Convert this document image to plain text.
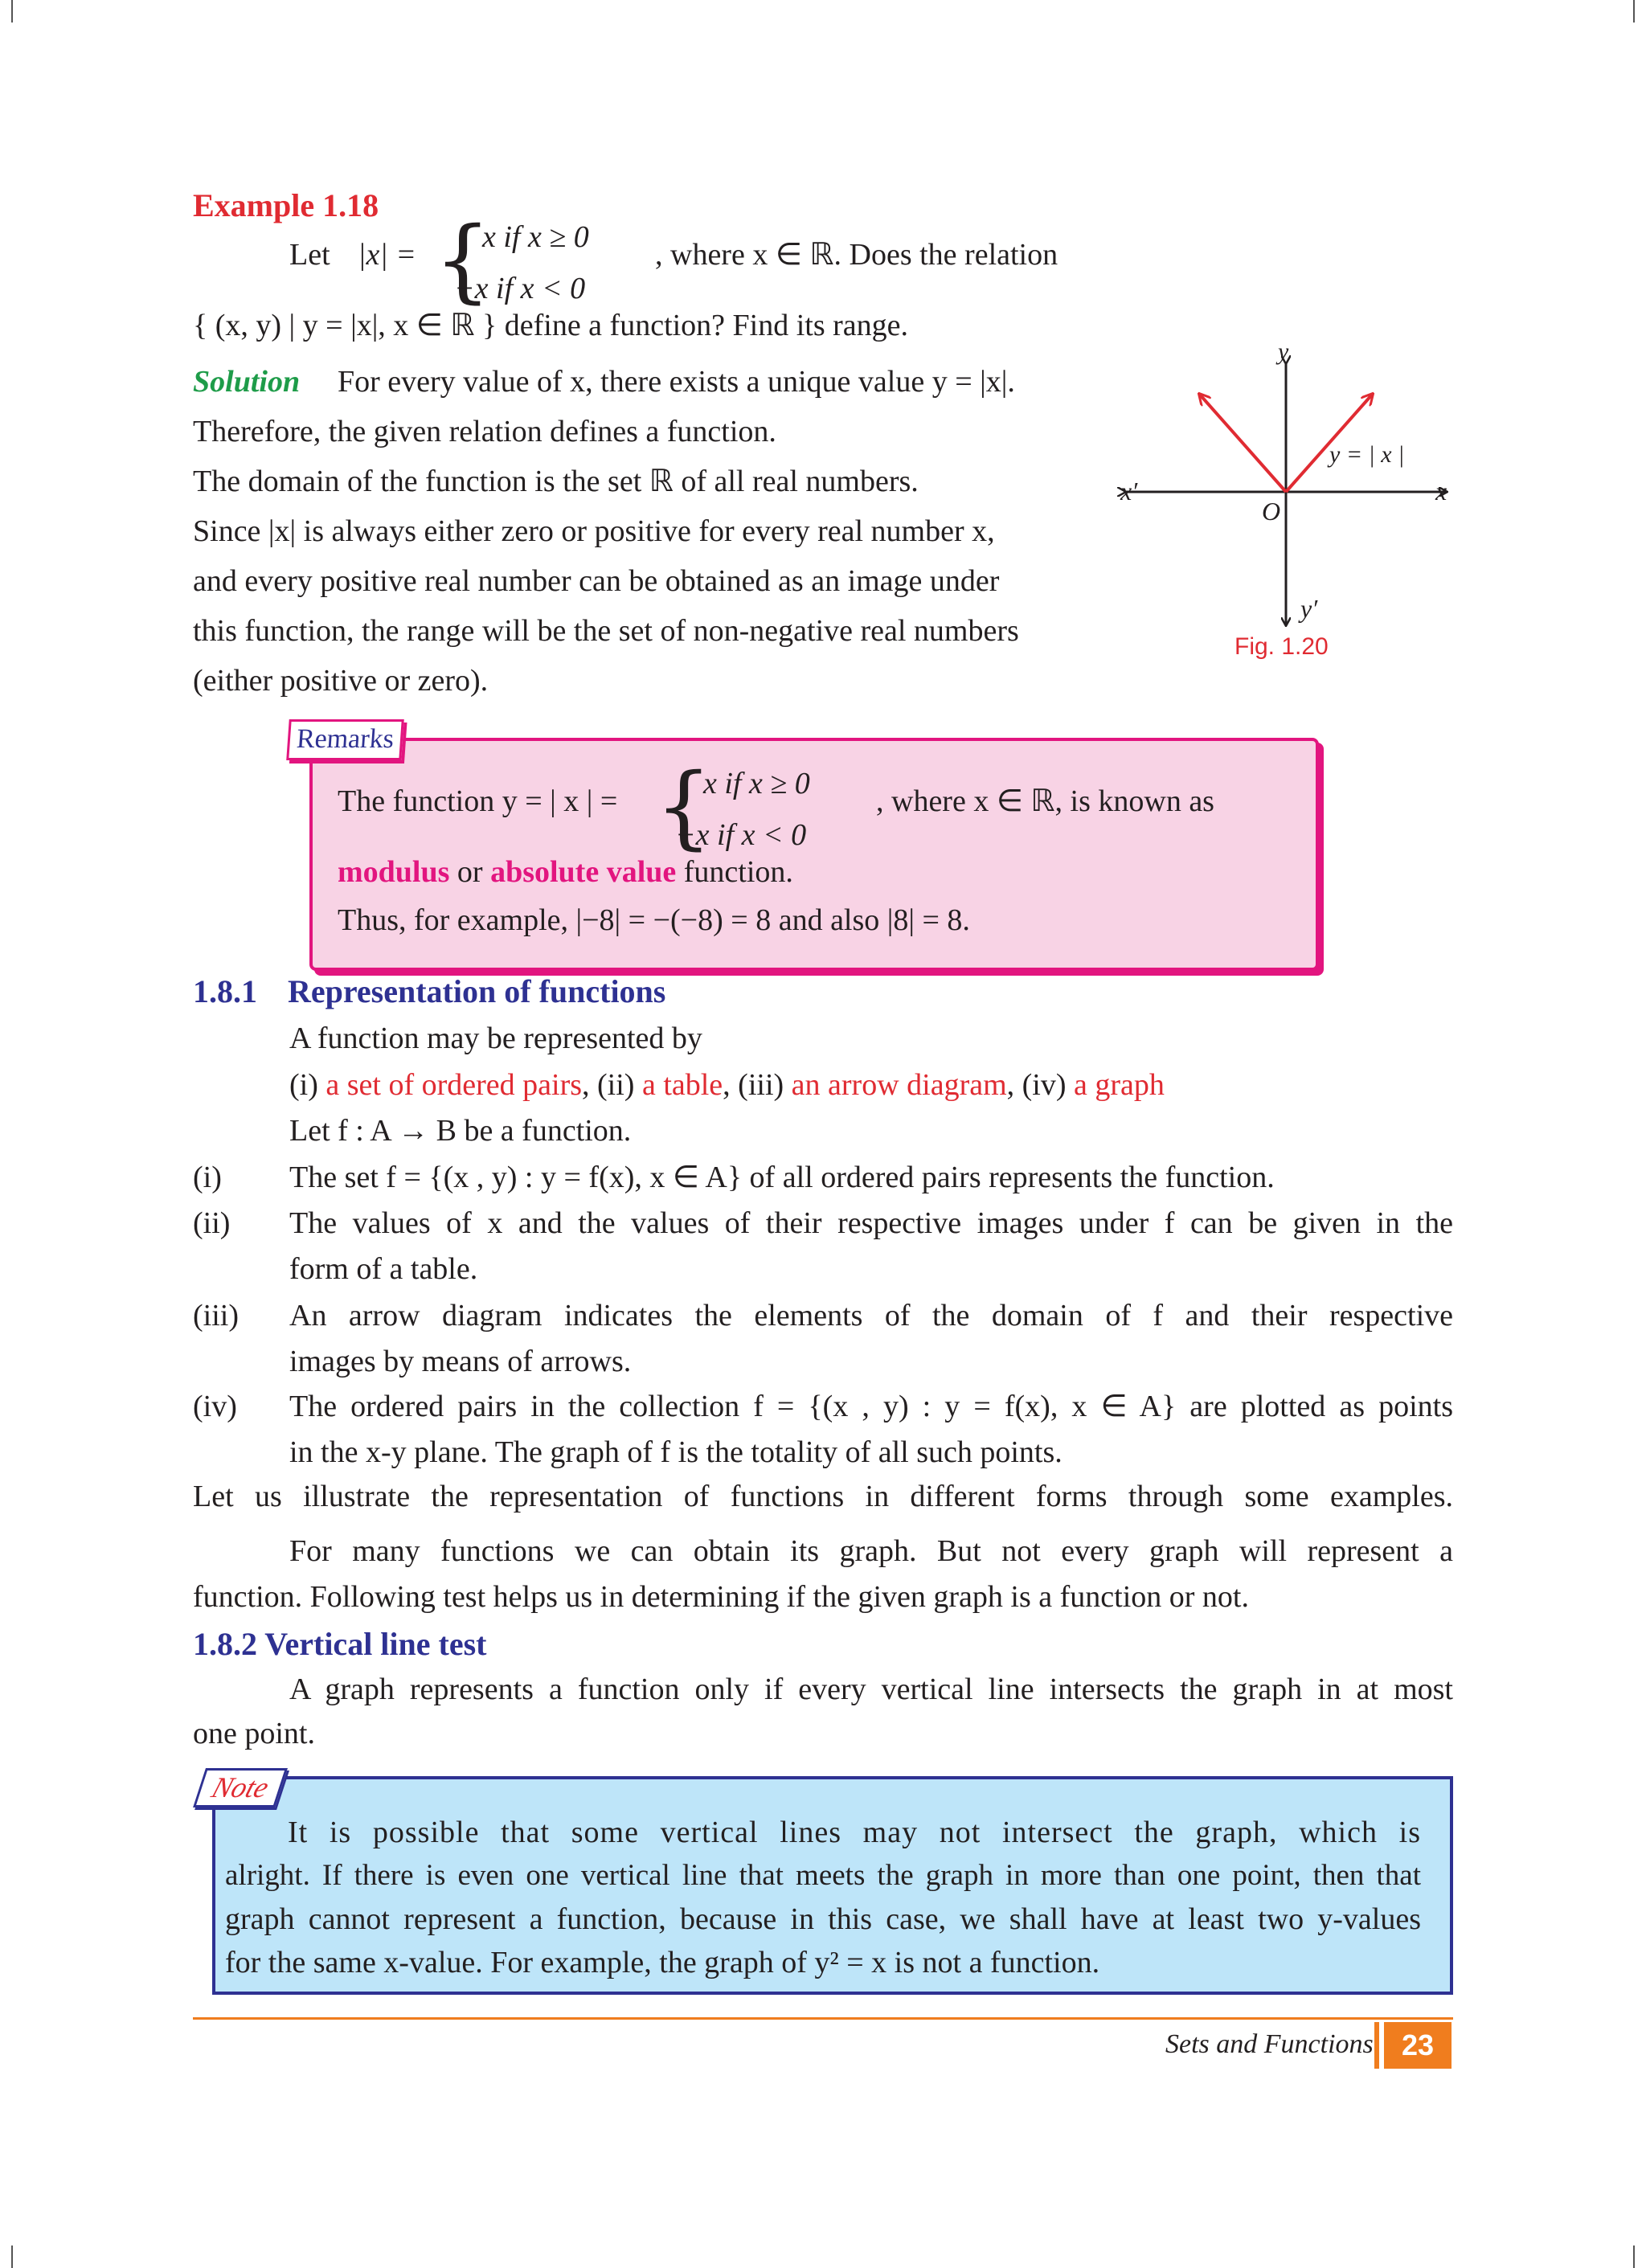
Example 1.18
Let |x| = {
x if x ≥ 0
−x if x < 0
, where x ∈ ℝ. Does the relation
{ (x, y) | y = |x|, x ∈ ℝ } define a function? Find its range.
Solution For every value of x, there exists a unique value y = |x|.
Therefore, the given relation defines a function.
The domain of the function is the set ℝ of all real numbers.
Since |x| is always either zero or positive for every real number x,
and every positive real number can be obtained as an image under
this function, the range will be the set of non-negative real numbers
(either positive or zero).
y
y′
x
x′
O
y = | x |
Fig. 1.20
Remarks
The function y = | x | = {
x if x ≥ 0
−x if x < 0
, where x ∈ ℝ, is known as
modulus or absolute value function.
Thus, for example, |−8| = −(−8) = 8 and also |8| = 8.
1.8.1 Representation of functions
A function may be represented by
(i) a set of ordered pairs, (ii) a table, (iii) an arrow diagram, (iv) a graph
Let f : A → B be a function.
(i) The set f = {(x , y) : y = f(x), x ∈ A} of all ordered pairs represents the function.
(ii) The values of x and the values of their respective images under f can be given in the
form of a table.
(iii) An arrow diagram indicates the elements of the domain of f and their respective
images by means of arrows.
(iv) The ordered pairs in the collection f = {(x , y) : y = f(x), x ∈ A} are plotted as points
in the x-y plane. The graph of f is the totality of all such points.
Let us illustrate the representation of functions in different forms through some examples.
For many functions we can obtain its graph. But not every graph will represent a
function. Following test helps us in determining if the given graph is a function or not.
1.8.2 Vertical line test
A graph represents a function only if every vertical line intersects the graph in at most
one point.
Note
It is possible that some vertical lines may not intersect the graph, which is
alright. If there is even one vertical line that meets the graph in more than one point, then that
graph cannot represent a function, because in this case, we shall have at least two y-values
for the same x-value. For example, the graph of y² = x is not a function.
Sets and Functions 23
